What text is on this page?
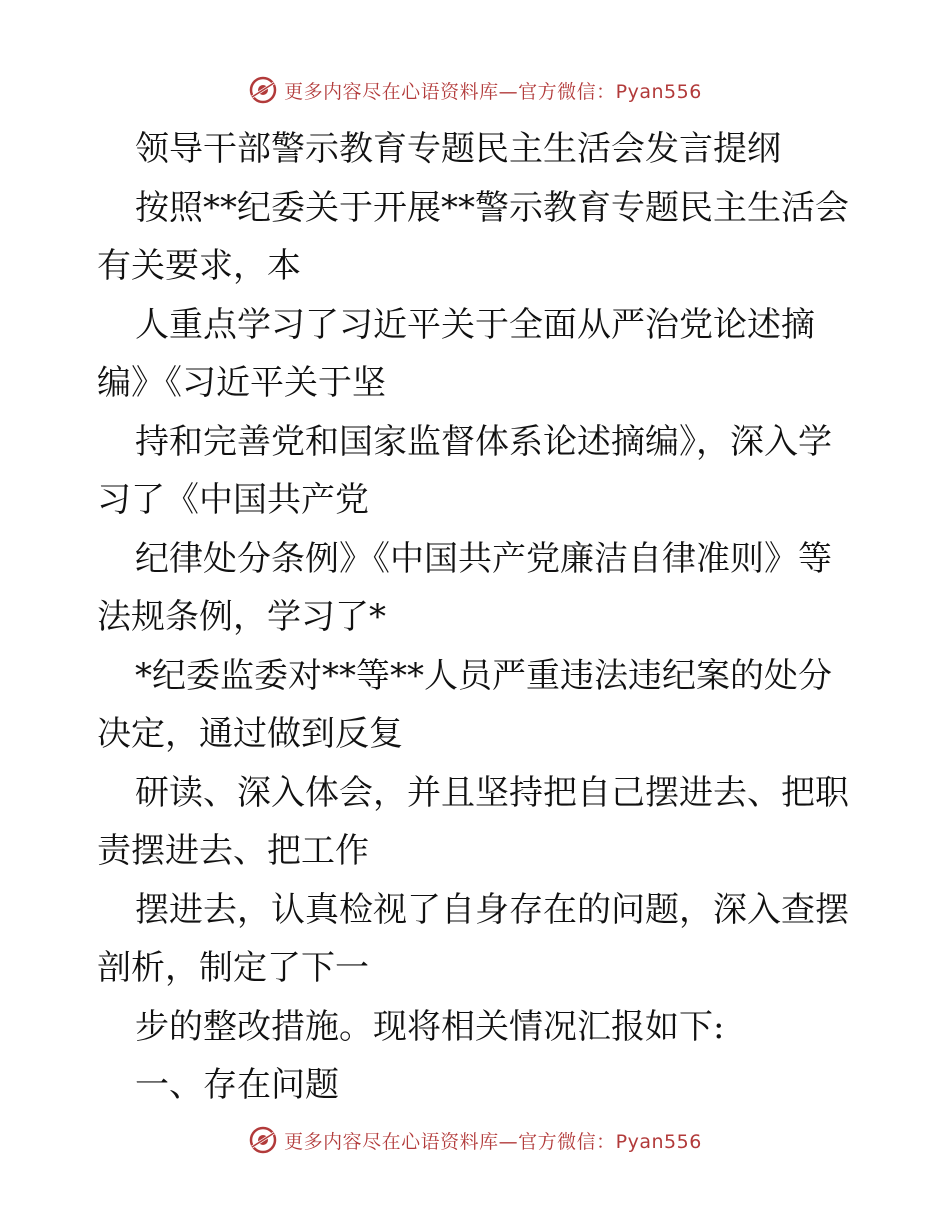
更多内容尽在心语资料库—官方微信：Pyan556
领导干部警示教育专题民主生活会发言提纲
按照**纪委关于开展**警示教育专题民主生活会
有关要求，本
人重点学习了习近平关于全面从严治党论述摘
编》《习近平关于坚
持和完善党和国家监督体系论述摘编》，深入学
习了《中国共产党
纪律处分条例》《中国共产党廉洁自律准则》等
法规条例，学习了*
*纪委监委对**等**人员严重违法违纪案的处分
决定，通过做到反复
研读、深入体会，并且坚持把自己摆进去、把职
责摆进去、把工作
摆进去，认真检视了自身存在的问题，深入查摆
剖析，制定了下一
步的整改措施。现将相关情况汇报如下:
一、存在问题
更多内容尽在心语资料库—官方微信：Pyan556
